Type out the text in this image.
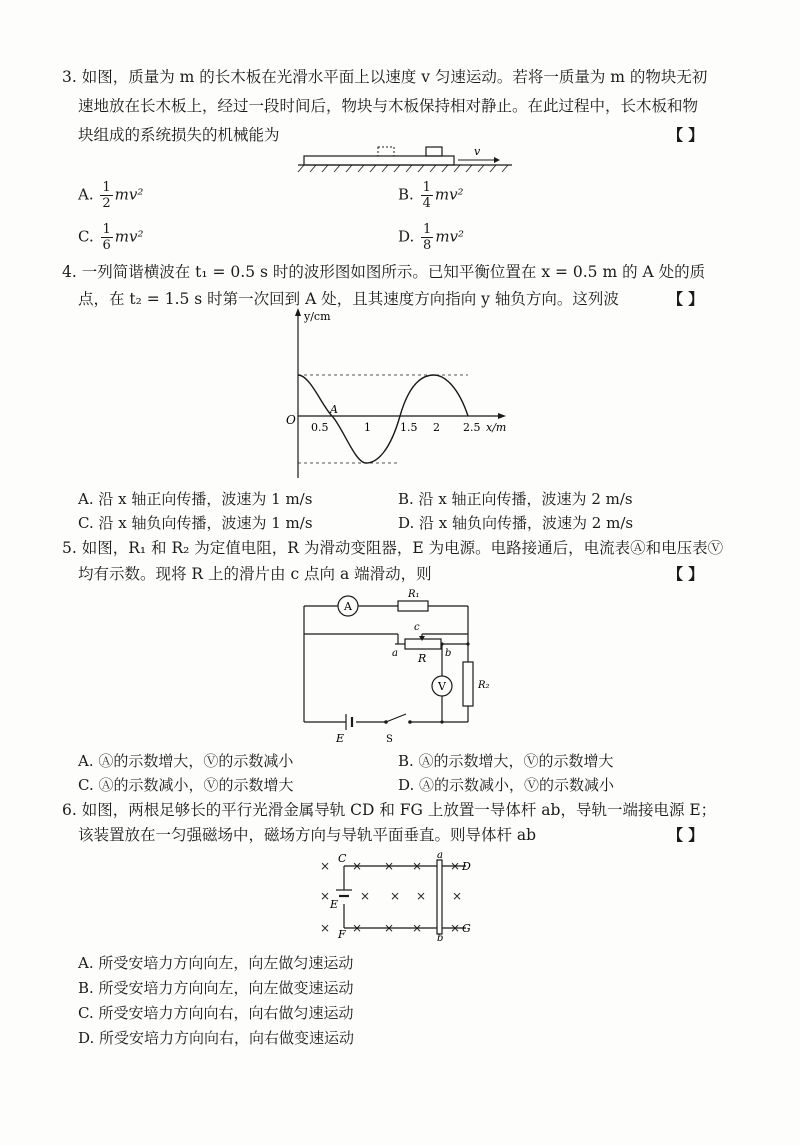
3. 如图，质量为 m 的长木板在光滑水平面上以速度 v 匀速运动。若将一质量为 m 的物块无初
速地放在长木板上，经过一段时间后，物块与木板保持相对静止。在此过程中，长木板和物
块组成的系统损失的机械能为	【 】
v
A. $\frac{1}{2} mv^2$	B. $\frac{1}{4} mv^2$
C. $\frac{1}{6} mv^2$	D. $\frac{1}{8} mv^2$
4. 一列简谐横波在 t₁ = 0.5 s 时的波形图如图所示。已知平衡位置在 x = 0.5 m 的 A 处的质
点，在 t₂ = 1.5 s 时第一次回到 A 处，且其速度方向指向 y 轴负方向。这列波	【 】
y/cm
x/m
O
A
0.5	1	1.5 2 2.5
A. 沿 x 轴正向传播，波速为 1 m/s	B. 沿 x 轴正向传播，波速为 2 m/s
C. 沿 x 轴负向传播，波速为 1 m/s	D. 沿 x 轴负向传播，波速为 2 m/s
5. 如图，R₁ 和 R₂ 为定值电阻，R 为滑动变阻器，E 为电源。电路接通后，电流表Ⓐ和电压表Ⓥ
均有示数。现将 R 上的滑片由 c 点向 a 端滑动，则	【 】
A
V
R₁
R₂
R
c
a	b
E	S
A. Ⓐ的示数增大，Ⓥ的示数减小	B. Ⓐ的示数增大，Ⓥ的示数增大
C. Ⓐ的示数减小，Ⓥ的示数增大	D. Ⓐ的示数减小，Ⓥ的示数减小
6. 如图，两根足够长的平行光滑金属导轨 CD 和 FG 上放置一导体杆 ab，导轨一端接电源 E；
该装置放在一匀强磁场中，磁场方向与导轨平面垂直。则导体杆 ab	【 】
× × × × ×
× × × × ×
× × × × ×
C
D
F	G
a
b
E
A. 所受安培力方向向左，向左做匀速运动
B. 所受安培力方向向左，向左做变速运动
C. 所受安培力方向向右，向右做匀速运动
D. 所受安培力方向向右，向右做变速运动
